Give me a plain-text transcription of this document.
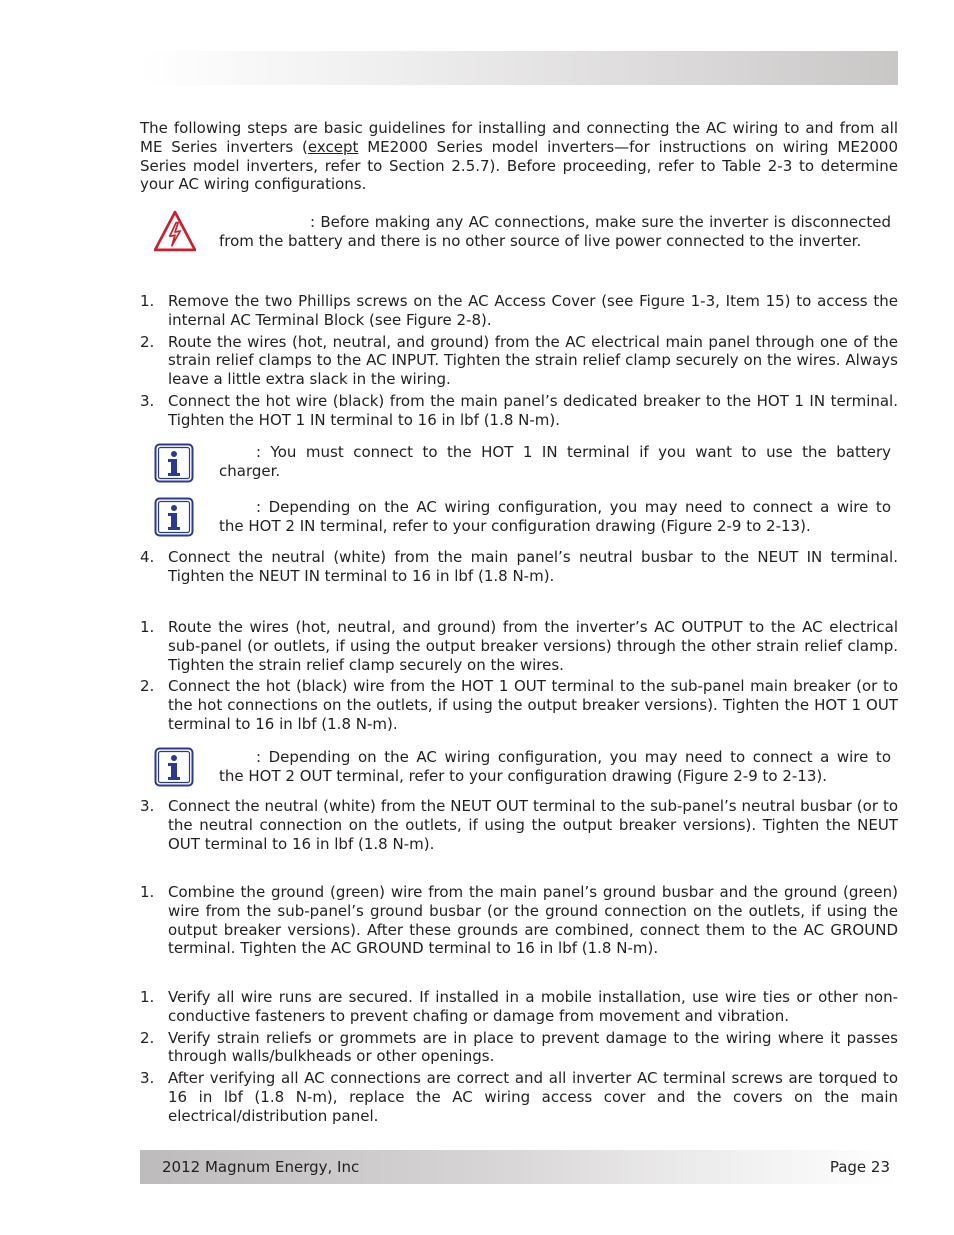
The following steps are basic guidelines for installing and connecting the AC wiring to and from all ME Series inverters (except ME2000 Series model inverters—for instructions on wiring ME2000 Series model inverters, refer to Section 2.5.7). Before proceeding, refer to Table 2-3 to determine your AC wiring configurations.

: Before making any AC connections, make sure the inverter is disconnected
from the battery and there is no other source of live power connected to the inverter.
1. Remove the two Phillips screws on the AC Access Cover (see Figure 1-3, Item 15) to access the internal AC Terminal Block (see Figure 2-8).
2. Route the wires (hot, neutral, and ground) from the AC electrical main panel through one of the strain relief clamps to the AC INPUT. Tighten the strain relief clamp securely on the wires. Always leave a little extra slack in the wiring.
3. Connect the hot wire (black) from the main panel’s dedicated breaker to the HOT 1 IN terminal. Tighten the HOT 1 IN terminal to 16 in lbf (1.8 N-m).
: You must connect to the HOT 1 IN terminal if you want to use the battery
charger.
: Depending on the AC wiring configuration, you may need to connect a wire to
the HOT 2 IN terminal, refer to your configuration drawing (Figure 2-9 to 2-13).
4. Connect the neutral (white) from the main panel’s neutral busbar to the NEUT IN terminal. Tighten the NEUT IN terminal to 16 in lbf (1.8 N-m).
1. Route the wires (hot, neutral, and ground) from the inverter’s AC OUTPUT to the AC electrical sub-panel (or outlets, if using the output breaker versions) through the other strain relief clamp. Tighten the strain relief clamp securely on the wires.
2. Connect the hot (black) wire from the HOT 1 OUT terminal to the sub-panel main breaker (or to the hot connections on the outlets, if using the output breaker versions). Tighten the HOT 1 OUT terminal to 16 in lbf (1.8 N-m).
: Depending on the AC wiring configuration, you may need to connect a wire to
the HOT 2 OUT terminal, refer to your configuration drawing (Figure 2-9 to 2-13).
3. Connect the neutral (white) from the NEUT OUT terminal to the sub-panel’s neutral busbar (or to the neutral connection on the outlets, if using the output breaker versions). Tighten the NEUT OUT terminal to 16 in lbf (1.8 N-m).
1. Combine the ground (green) wire from the main panel’s ground busbar and the ground (green) wire from the sub-panel’s ground busbar (or the ground connection on the outlets, if using the output breaker versions). After these grounds are combined, connect them to the AC GROUND terminal. Tighten the AC GROUND terminal to 16 in lbf (1.8 N-m).
1. Verify all wire runs are secured. If installed in a mobile installation, use wire ties or other non-conductive fasteners to prevent chafing or damage from movement and vibration.
2. Verify strain reliefs or grommets are in place to prevent damage to the wiring where it passes through walls/bulkheads or other openings.
3. After verifying all AC connections are correct and all inverter AC terminal screws are torqued to 16 in lbf (1.8 N-m), replace the AC wiring access cover and the covers on the main electrical/distribution panel.
2012 Magnum Energy, Inc	Page 23
